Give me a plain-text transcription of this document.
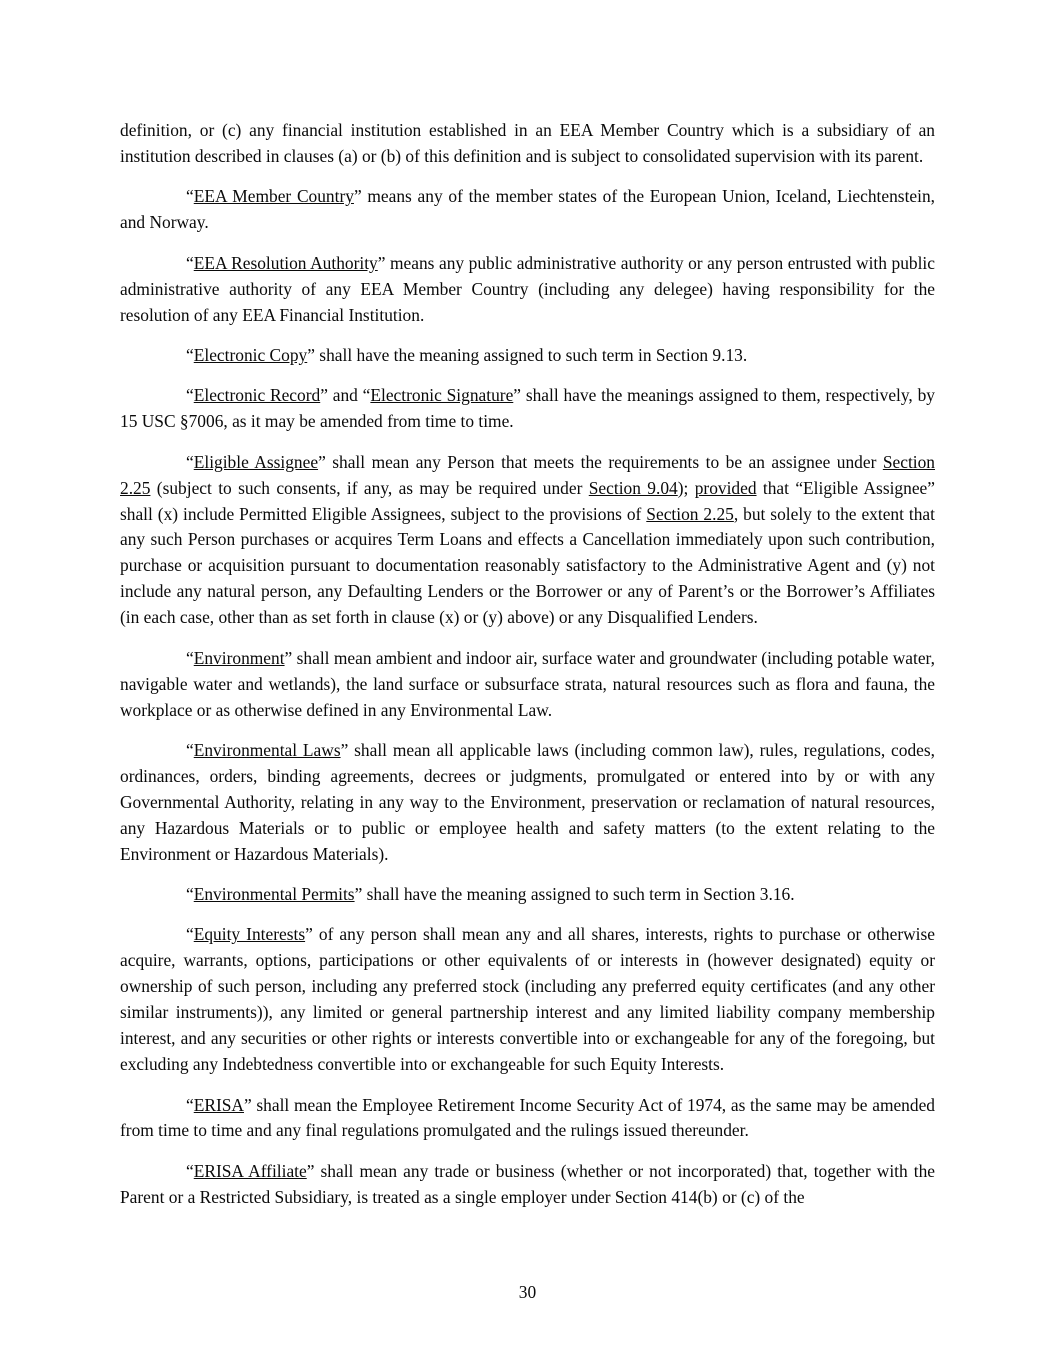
definition, or (c) any financial institution established in an EEA Member Country which is a subsidiary of an institution described in clauses (a) or (b) of this definition and is subject to consolidated supervision with its parent.

“EEA Member Country” means any of the member states of the European Union, Iceland, Liechtenstein, and Norway.

“EEA Resolution Authority” means any public administrative authority or any person entrusted with public administrative authority of any EEA Member Country (including any delegee) having responsibility for the resolution of any EEA Financial Institution.

“Electronic Copy” shall have the meaning assigned to such term in Section 9.13.

“Electronic Record” and “Electronic Signature” shall have the meanings assigned to them, respectively, by 15 USC §7006, as it may be amended from time to time.

“Eligible Assignee” shall mean any Person that meets the requirements to be an assignee under Section 2.25 (subject to such consents, if any, as may be required under Section 9.04); provided that “Eligible Assignee” shall (x) include Permitted Eligible Assignees, subject to the provisions of Section 2.25, but solely to the extent that any such Person purchases or acquires Term Loans and effects a Cancellation immediately upon such contribution, purchase or acquisition pursuant to documentation reasonably satisfactory to the Administrative Agent and (y) not include any natural person, any Defaulting Lenders or the Borrower or any of Parent’s or the Borrower’s Affiliates (in each case, other than as set forth in clause (x) or (y) above) or any Disqualified Lenders.

“Environment” shall mean ambient and indoor air, surface water and groundwater (including potable water, navigable water and wetlands), the land surface or subsurface strata, natural resources such as flora and fauna, the workplace or as otherwise defined in any Environmental Law.

“Environmental Laws” shall mean all applicable laws (including common law), rules, regulations, codes, ordinances, orders, binding agreements, decrees or judgments, promulgated or entered into by or with any Governmental Authority, relating in any way to the Environment, preservation or reclamation of natural resources, any Hazardous Materials or to public or employee health and safety matters (to the extent relating to the Environment or Hazardous Materials).

“Environmental Permits” shall have the meaning assigned to such term in Section 3.16.

“Equity Interests” of any person shall mean any and all shares, interests, rights to purchase or otherwise acquire, warrants, options, participations or other equivalents of or interests in (however designated) equity or ownership of such person, including any preferred stock (including any preferred equity certificates (and any other similar instruments)), any limited or general partnership interest and any limited liability company membership interest, and any securities or other rights or interests convertible into or exchangeable for any of the foregoing, but excluding any Indebtedness convertible into or exchangeable for such Equity Interests.

“ERISA” shall mean the Employee Retirement Income Security Act of 1974, as the same may be amended from time to time and any final regulations promulgated and the rulings issued thereunder.

“ERISA Affiliate” shall mean any trade or business (whether or not incorporated) that, together with the Parent or a Restricted Subsidiary, is treated as a single employer under Section 414(b) or (c) of the

30
